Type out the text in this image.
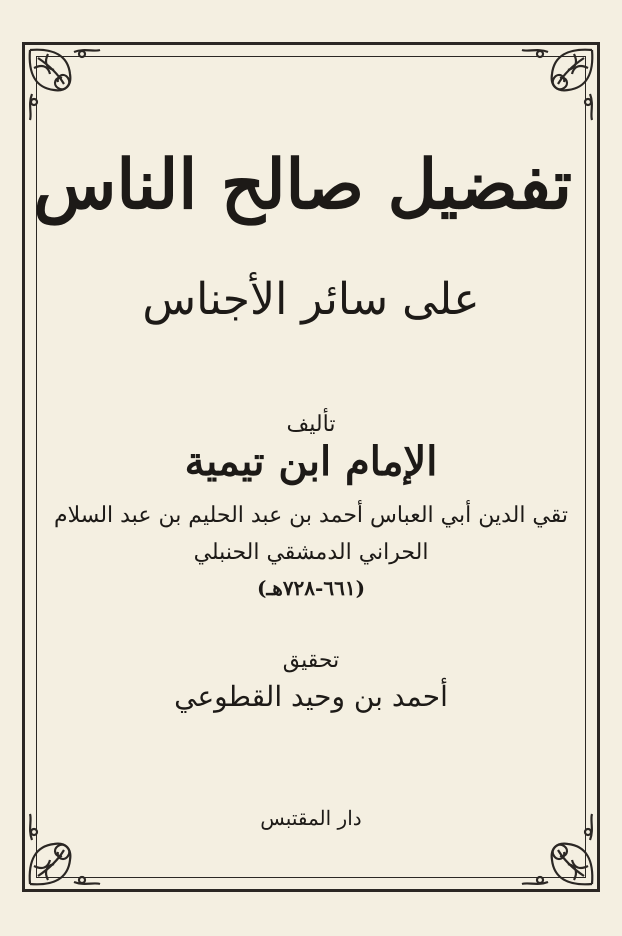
تفضيل صالح الناس
على سائر الأجناس
تأليف
الإمام ابن تيمية
تقي الدين أبي العباس أحمد بن عبد الحليم بن عبد السلام
الحراني الدمشقي الحنبلي
(٦٦١-٧٢٨هـ)
تحقيق
أحمد بن وحيد القطوعي
دار المقتبس
